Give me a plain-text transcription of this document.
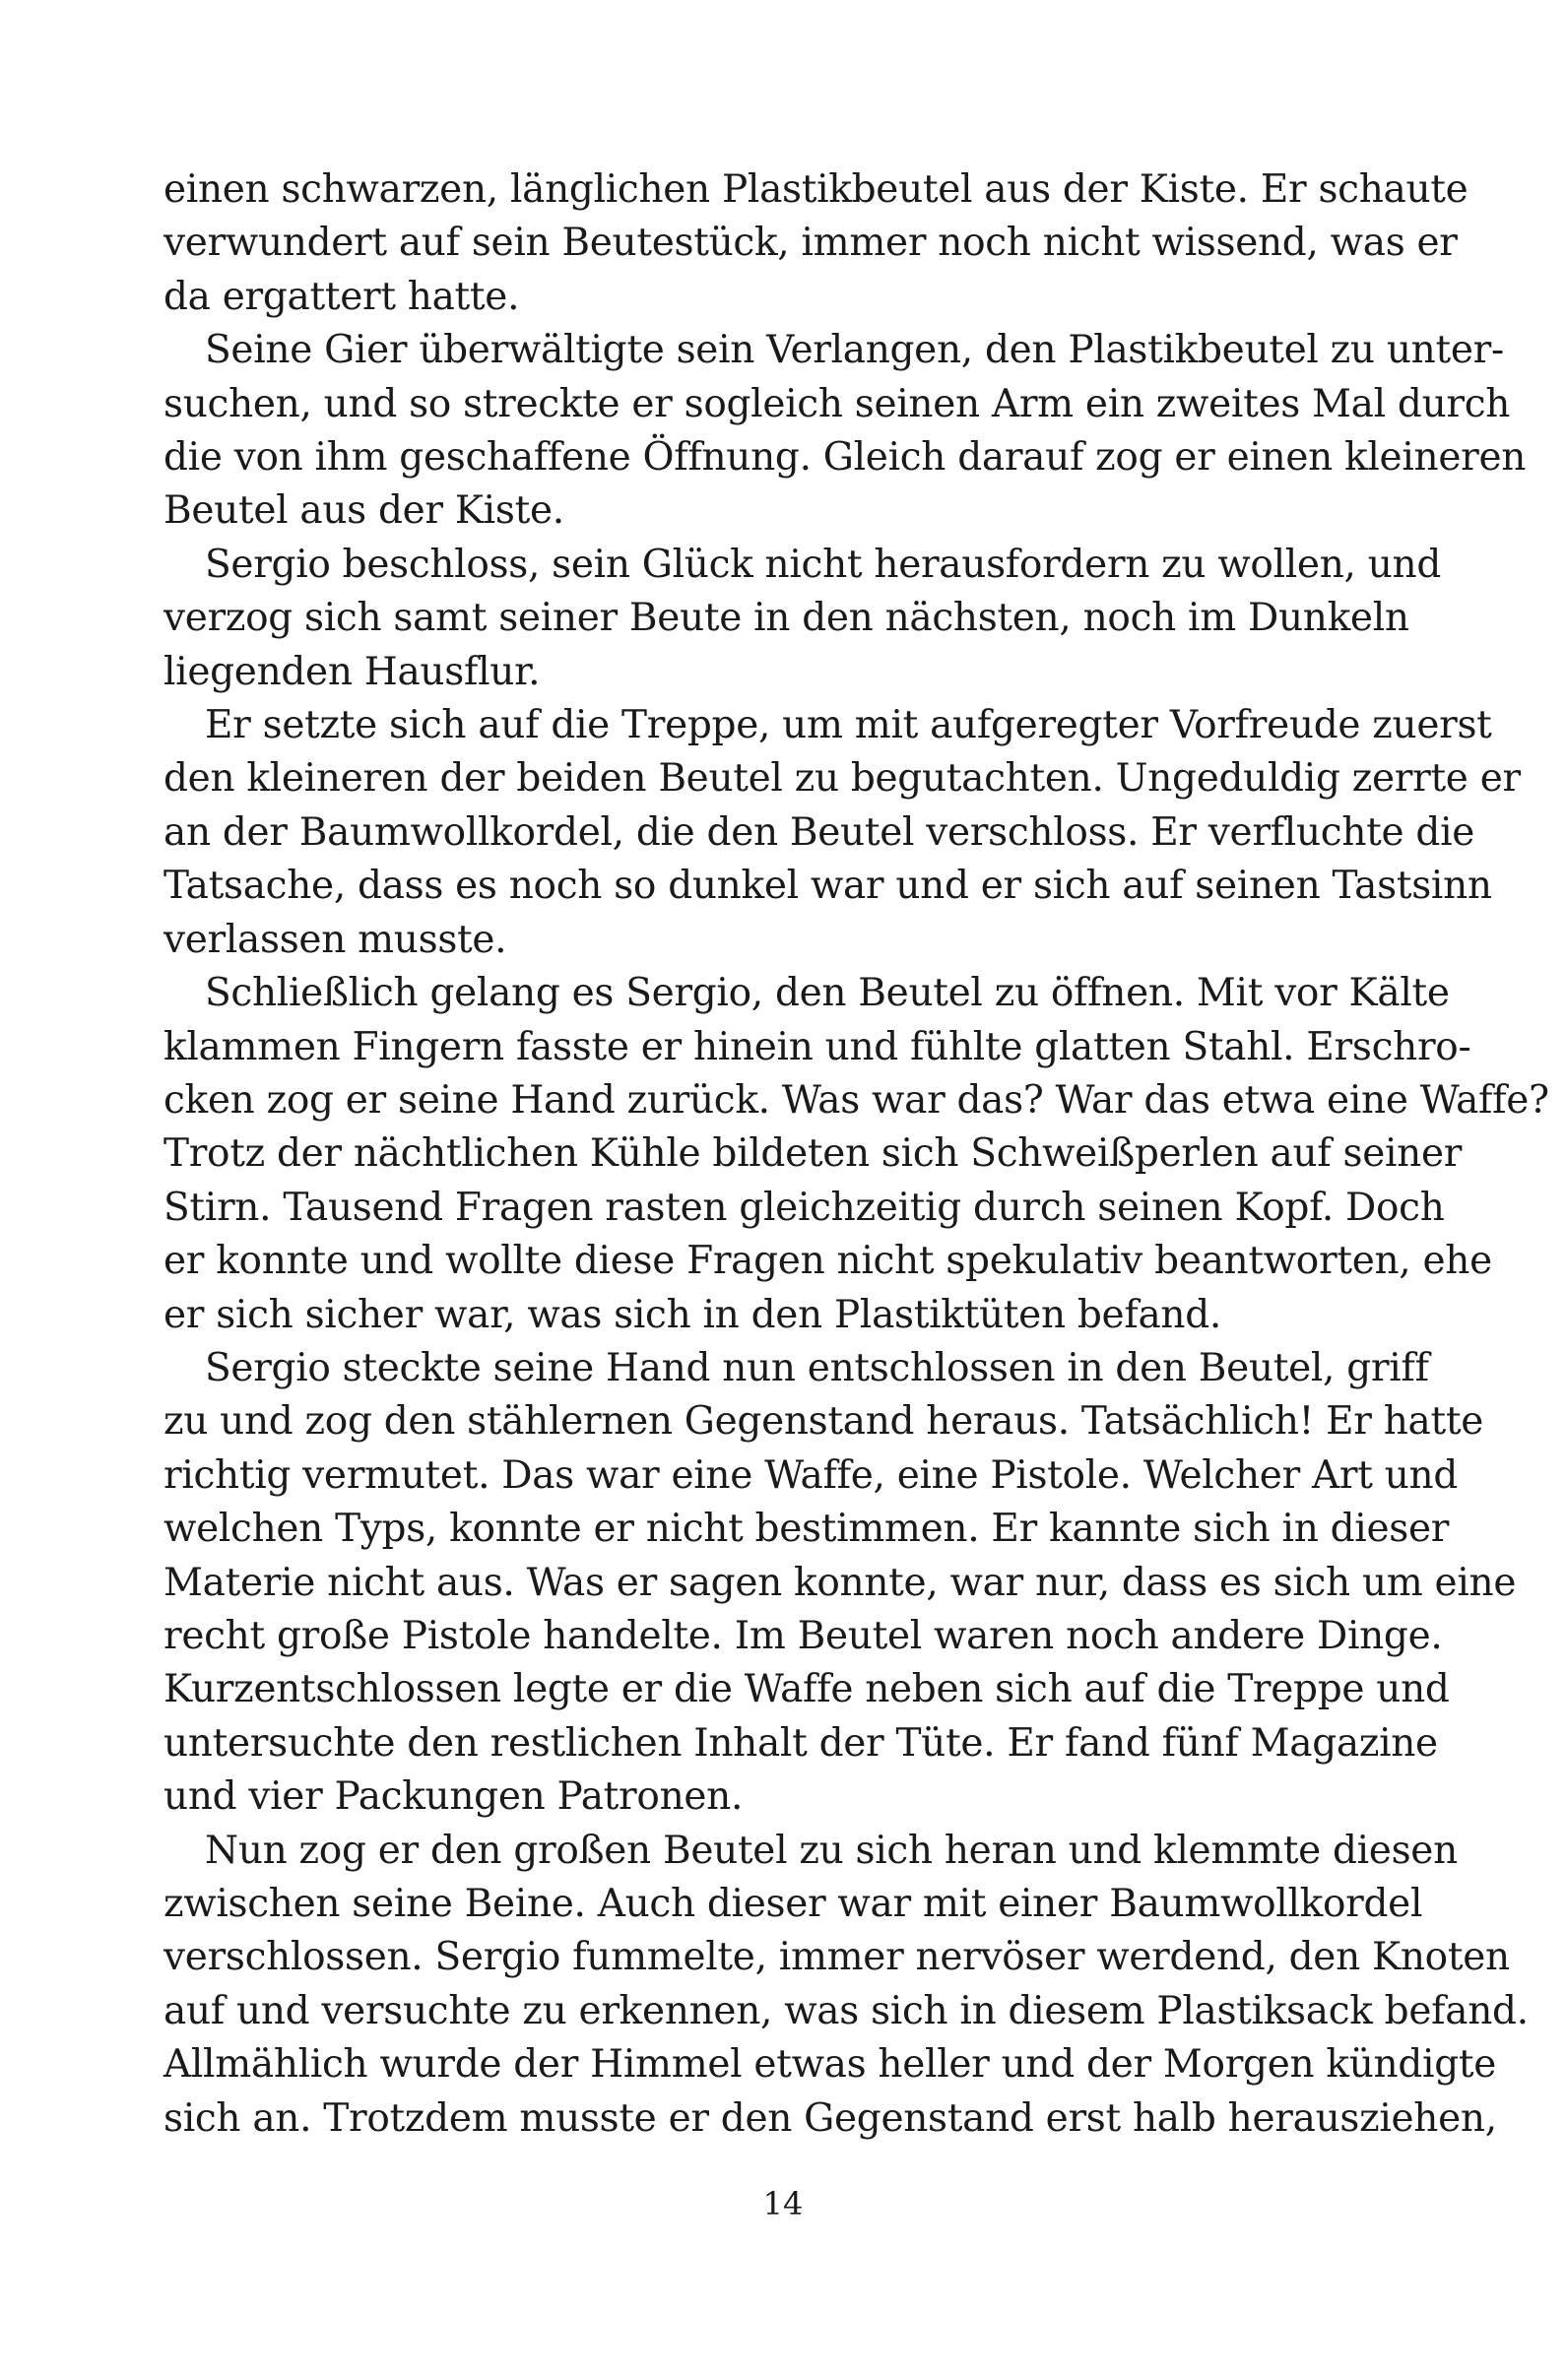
einen schwarzen, länglichen Plastikbeutel aus der Kiste. Er schaute
verwundert auf sein Beutestück, immer noch nicht wissend, was er
da ergattert hatte.
Seine Gier überwältigte sein Verlangen, den Plastikbeutel zu unter-
suchen, und so streckte er sogleich seinen Arm ein zweites Mal durch
die von ihm geschaffene Öffnung. Gleich darauf zog er einen kleineren
Beutel aus der Kiste.
Sergio beschloss, sein Glück nicht herausfordern zu wollen, und
verzog sich samt seiner Beute in den nächsten, noch im Dunkeln
liegenden Hausflur.
Er setzte sich auf die Treppe, um mit aufgeregter Vorfreude zuerst
den kleineren der beiden Beutel zu begutachten. Ungeduldig zerrte er
an der Baumwollkordel, die den Beutel verschloss. Er verfluchte die
Tatsache, dass es noch so dunkel war und er sich auf seinen Tastsinn
verlassen musste.
Schließlich gelang es Sergio, den Beutel zu öffnen. Mit vor Kälte
klammen Fingern fasste er hinein und fühlte glatten Stahl. Erschro-
cken zog er seine Hand zurück. Was war das? War das etwa eine Waffe?
Trotz der nächtlichen Kühle bildeten sich Schweißperlen auf seiner
Stirn. Tausend Fragen rasten gleichzeitig durch seinen Kopf. Doch
er konnte und wollte diese Fragen nicht spekulativ beantworten, ehe
er sich sicher war, was sich in den Plastiktüten befand.
Sergio steckte seine Hand nun entschlossen in den Beutel, griff
zu und zog den stählernen Gegenstand heraus. Tatsächlich! Er hatte
richtig vermutet. Das war eine Waffe, eine Pistole. Welcher Art und
welchen Typs, konnte er nicht bestimmen. Er kannte sich in dieser
Materie nicht aus. Was er sagen konnte, war nur, dass es sich um eine
recht große Pistole handelte. Im Beutel waren noch andere Dinge.
Kurzentschlossen legte er die Waffe neben sich auf die Treppe und
untersuchte den restlichen Inhalt der Tüte. Er fand fünf Magazine
und vier Packungen Patronen.
Nun zog er den großen Beutel zu sich heran und klemmte diesen
zwischen seine Beine. Auch dieser war mit einer Baumwollkordel
verschlossen. Sergio fummelte, immer nervöser werdend, den Knoten
auf und versuchte zu erkennen, was sich in diesem Plastiksack befand.
Allmählich wurde der Himmel etwas heller und der Morgen kündigte
sich an. Trotzdem musste er den Gegenstand erst halb herausziehen,
14
